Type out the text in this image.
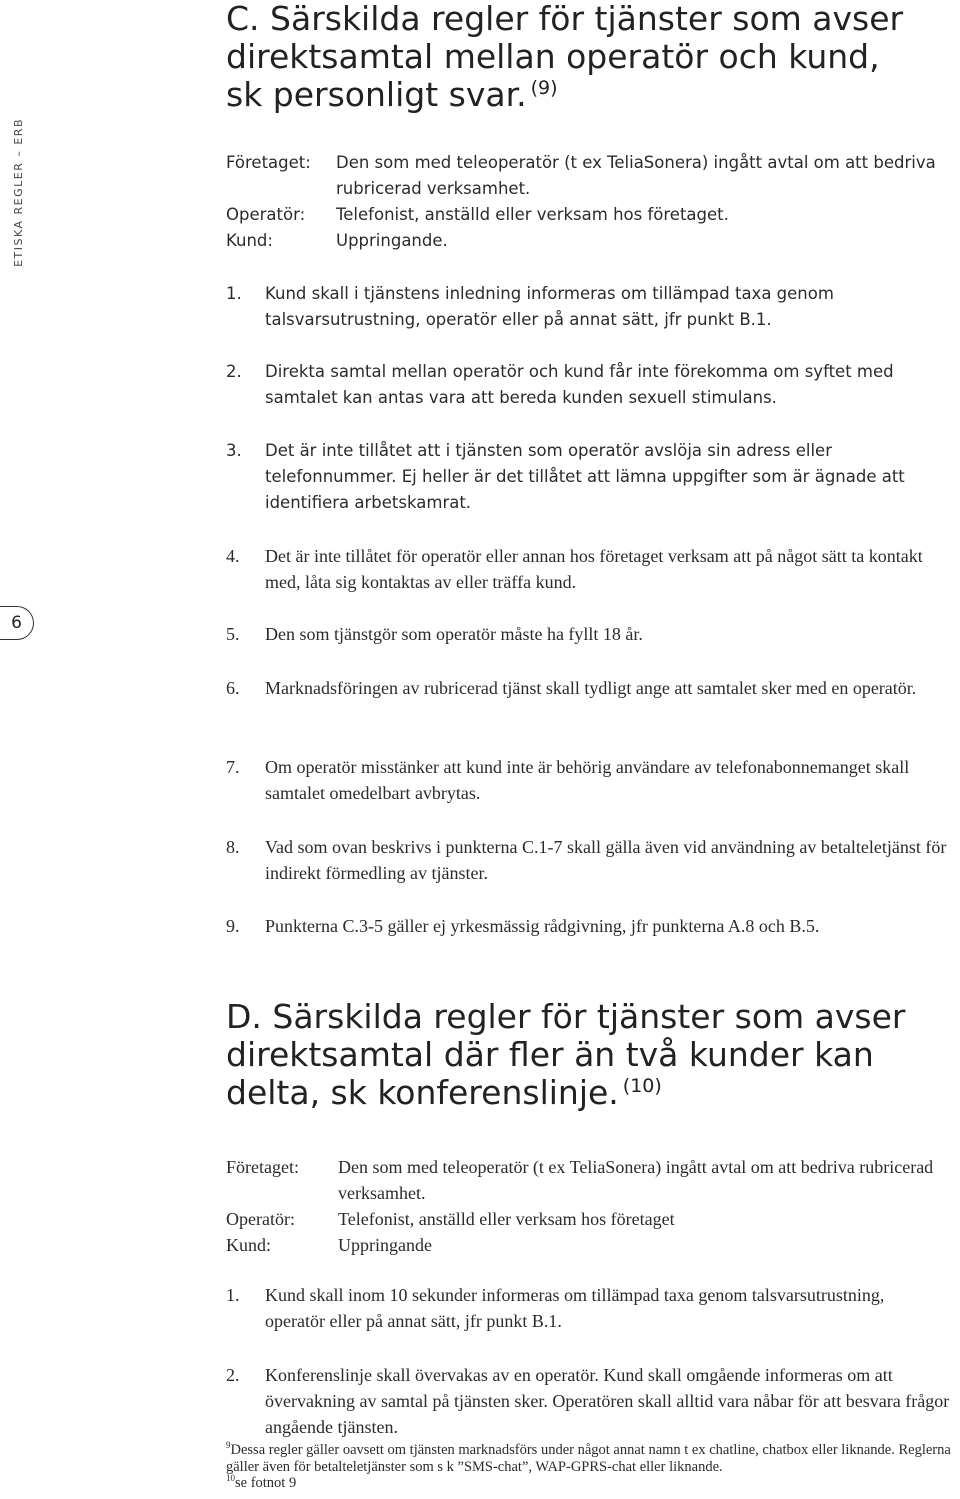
ETISKA REGLER – ERB
6
C. Särskilda regler för tjänster som avser direktsamtal mellan operatör och kund, sk personligt svar. $^{(9)}$
Företaget:	Den som med teleoperatör (t ex TeliaSonera) ingått avtal om att bedriva rubricerad verksamhet.
Operatör:	Telefonist, anställd eller verksam hos företaget.
Kund:	Uppringande.
1.	Kund skall i tjänstens inledning informeras om tillämpad taxa genom talsvarsutrustning, operatör eller på annat sätt, jfr punkt B.1.
2.	Direkta samtal mellan operatör och kund får inte förekomma om syftet med samtalet kan antas vara att bereda kunden sexuell stimulans.
3.	Det är inte tillåtet att i tjänsten som operatör avslöja sin adress eller telefonnummer. Ej heller är det tillåtet att lämna uppgifter som är ägnade att identifiera arbetskamrat.
4.	Det är inte tillåtet för operatör eller annan hos företaget verksam att på något sätt ta kontakt med, låta sig kontaktas av eller träffa kund.
5.	Den som tjänstgör som operatör måste ha fyllt 18 år.
6.	Marknadsföringen av rubricerad tjänst skall tydligt ange att samtalet sker med en operatör.
7.	Om operatör misstänker att kund inte är behörig användare av telefonabonnemanget skall samtalet omedelbart avbrytas.
8.	Vad som ovan beskrivs i punkterna C.1-7 skall gälla även vid användning av betalteletjänst för indirekt förmedling av tjänster.
9.	Punkterna C.3-5 gäller ej yrkesmässig rådgivning, jfr punkterna A.8 och B.5.
D. Särskilda regler för tjänster som avser direktsamtal där fler än två kunder kan delta, sk konferenslinje. $^{(10)}$
Företaget:	Den som med teleoperatör (t ex TeliaSonera) ingått avtal om att bedriva rubricerad verksamhet.
Operatör:	Telefonist, anställd eller verksam hos företaget
Kund:	Uppringande
1.	Kund skall inom 10 sekunder informeras om tillämpad taxa genom talsvarsutrustning, operatör eller på annat sätt, jfr punkt B.1.
2.	Konferenslinje skall övervakas av en operatör. Kund skall omgående informeras om att övervakning av samtal på tjänsten sker. Operatören skall alltid vara nåbar för att besvara frågor angående tjänsten.
$^9$Dessa regler gäller oavsett om tjänsten marknadsförs under något annat namn t ex chatline, chatbox eller liknande. Reglerna gäller även för betalteletjänster som s k ”SMS-chat”, WAP-GPRS-chat eller liknande.
$^{10}$se fotnot 9
